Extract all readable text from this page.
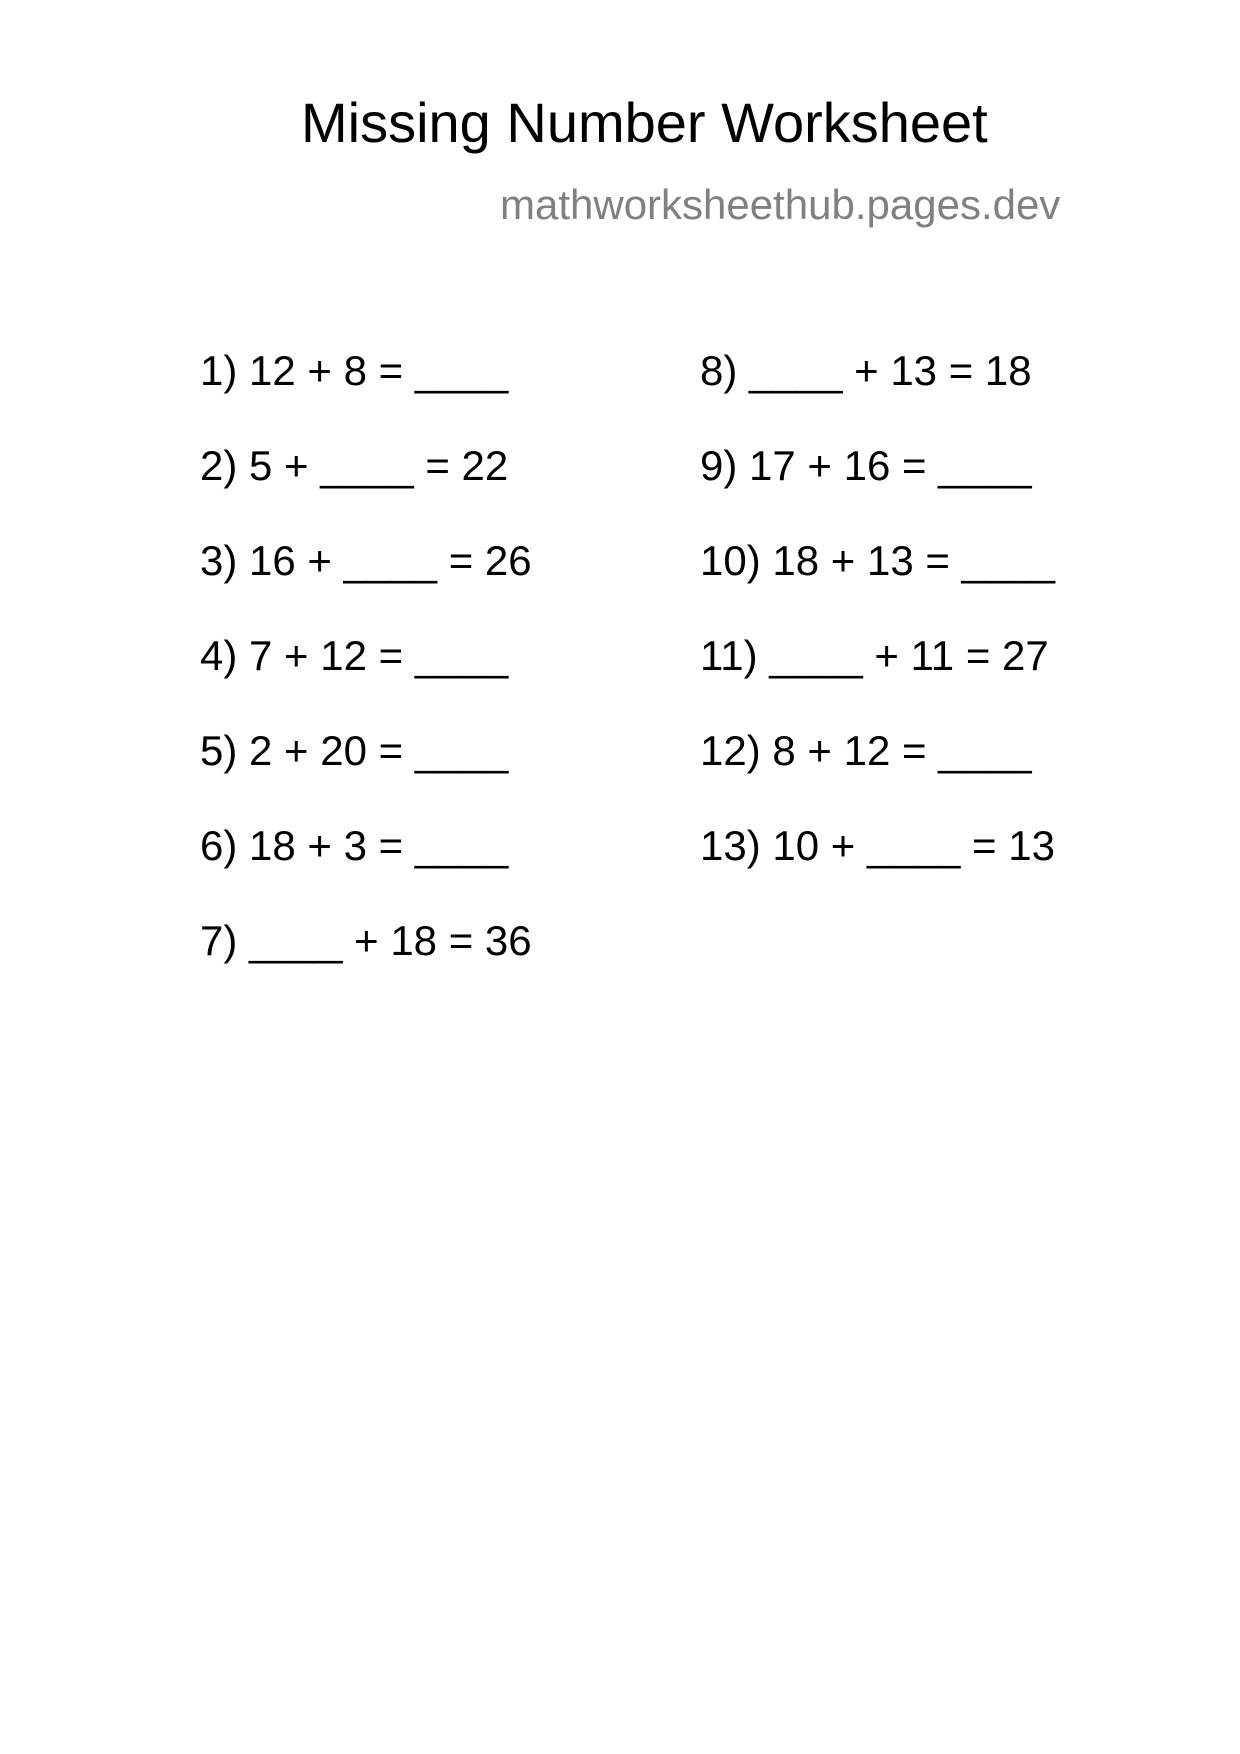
Missing Number Worksheet
mathworksheethub.pages.dev
1) 12 + 8 = ____
2) 5 + ____ = 22
3) 16 + ____ = 26
4) 7 + 12 = ____
5) 2 + 20 = ____
6) 18 + 3 = ____
7) ____ + 18 = 36
8) ____ + 13 = 18
9) 17 + 16 = ____
10) 18 + 13 = ____
11) ____ + 11 = 27
12) 8 + 12 = ____
13) 10 + ____ = 13
